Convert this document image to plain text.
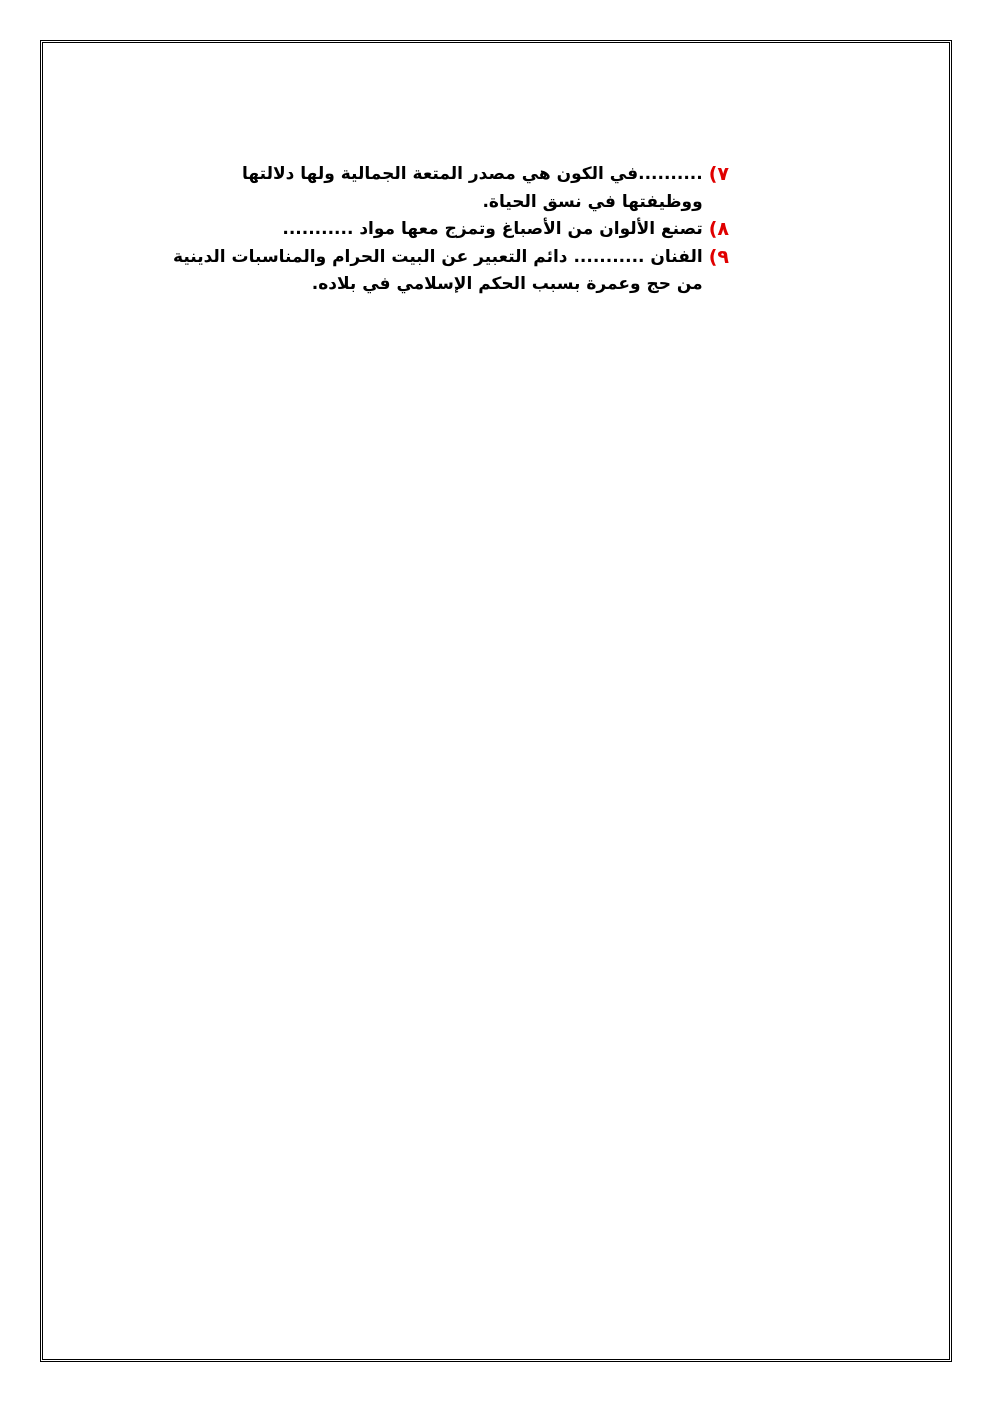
٧)
..........في الكون هي مصدر المتعة الجمالية ولها دلالتها ووظيفتها في نسق الحياة.
٨)
تصنع الألوان من الأصباغ وتمزج معها مواد ...........
٩)
الفنان ........... دائم التعبير عن البيت الحرام والمناسبات الدينية من حج وعمرة بسبب الحكم الإسلامي في بلاده.
